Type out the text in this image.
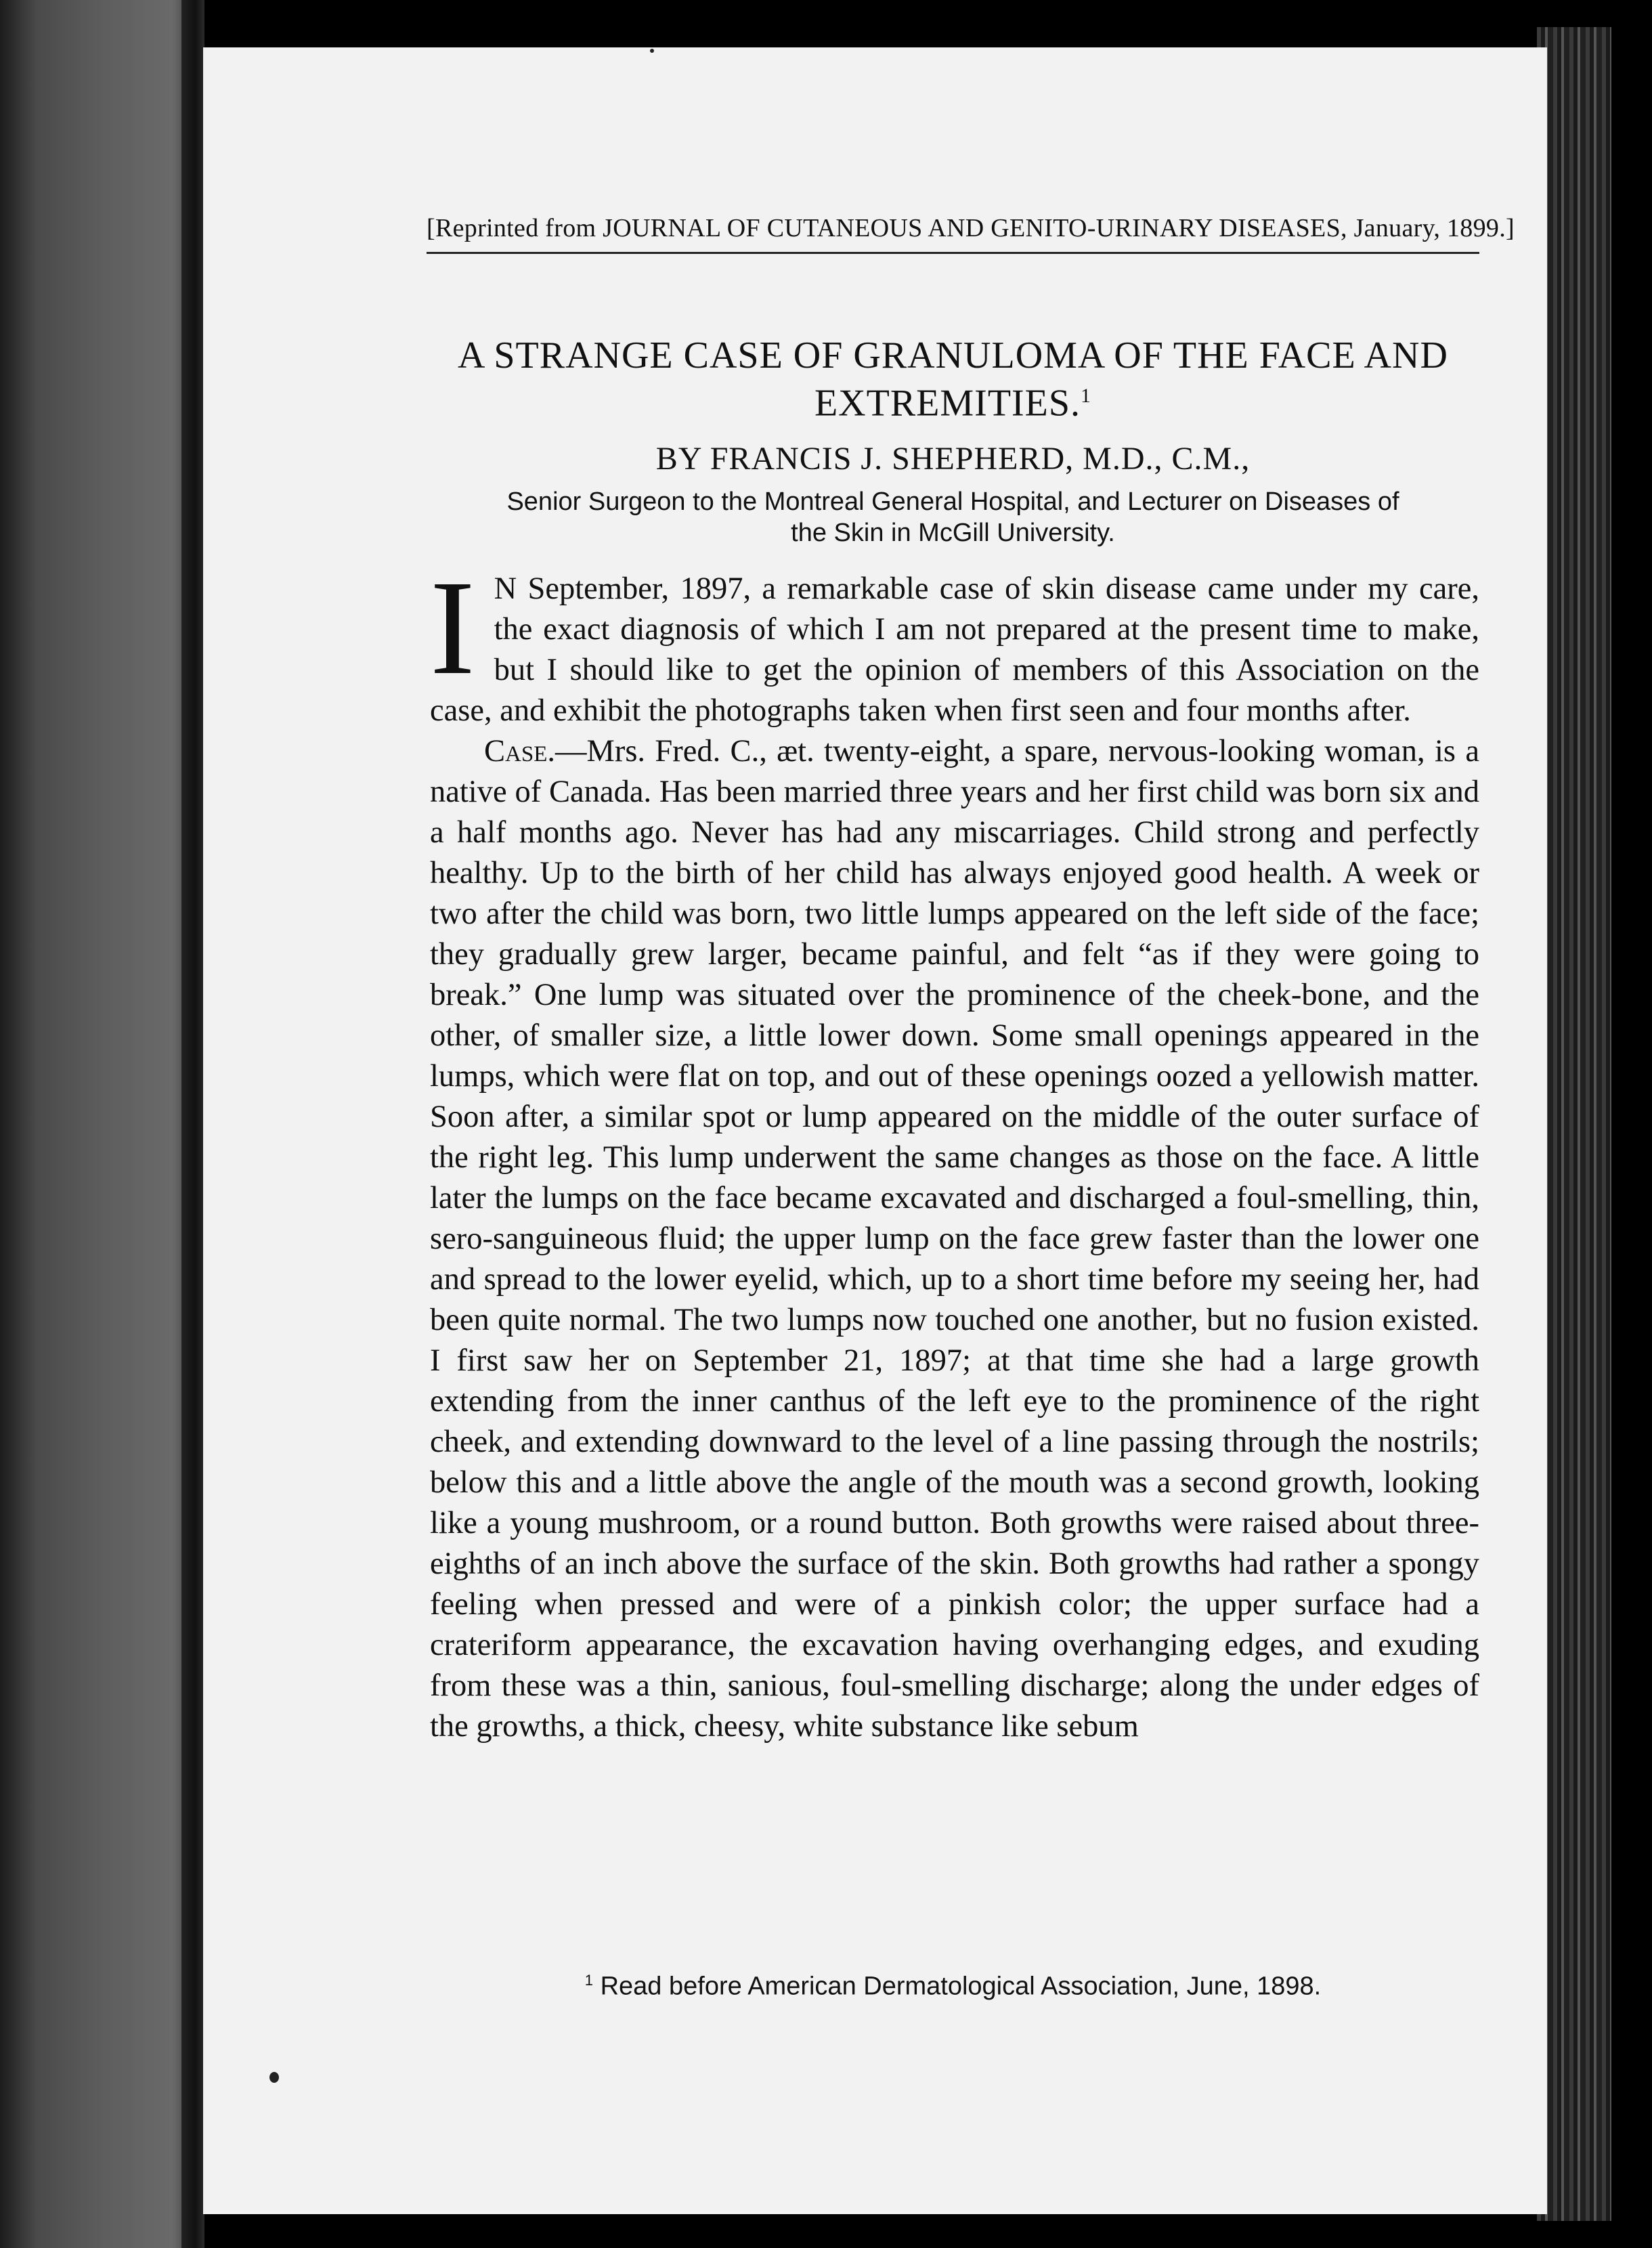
[Reprinted from JOURNAL OF CUTANEOUS AND GENITO-URINARY DISEASES, January, 1899.]
A STRANGE CASE OF GRANULOMA OF THE FACE AND EXTREMITIES.$^1$
BY FRANCIS J. SHEPHERD, M.D., C.M.,
Senior Surgeon to the Montreal General Hospital, and Lecturer on Diseases of
the Skin in McGill University.

I N September, 1897, a remarkable case of skin disease came under my care, the exact diagnosis of which I am not prepared at the present time to make, but I should like to get the opinion of members of this Association on the case, and exhibit the photographs taken when first seen and four months after.

Case.—Mrs. Fred. C., æt. twenty-eight, a spare, nervous-looking woman, is a native of Canada. Has been married three years and her first child was born six and a half months ago. Never has had any miscarriages. Child strong and perfectly healthy. Up to the birth of her child has always enjoyed good health. A week or two after the child was born, two little lumps appeared on the left side of the face; they gradually grew larger, became painful, and felt “as if they were going to break.” One lump was situated over the prominence of the cheek-bone, and the other, of smaller size, a little lower down. Some small openings appeared in the lumps, which were flat on top, and out of these openings oozed a yellowish matter. Soon after, a similar spot or lump appeared on the middle of the outer surface of the right leg. This lump underwent the same changes as those on the face. A little later the lumps on the face became excavated and discharged a foul-smelling, thin, sero-sanguineous fluid; the upper lump on the face grew faster than the lower one and spread to the lower eyelid, which, up to a short time before my seeing her, had been quite normal. The two lumps now touched one another, but no fusion existed. I first saw her on September 21, 1897; at that time she had a large growth extending from the inner canthus of the left eye to the prominence of the right cheek, and extending downward to the level of a line passing through the nostrils; below this and a little above the angle of the mouth was a second growth, looking like a young mushroom, or a round button. Both growths were raised about three-eighths of an inch above the surface of the skin. Both growths had rather a spongy feeling when pressed and were of a pinkish color; the upper surface had a crateriform appearance, the excavation having overhanging edges, and exuding from these was a thin, sanious, foul-smelling discharge; along the under edges of the growths, a thick, cheesy, white substance like sebum

$^1$ Read before American Dermatological Association, June, 1898.
